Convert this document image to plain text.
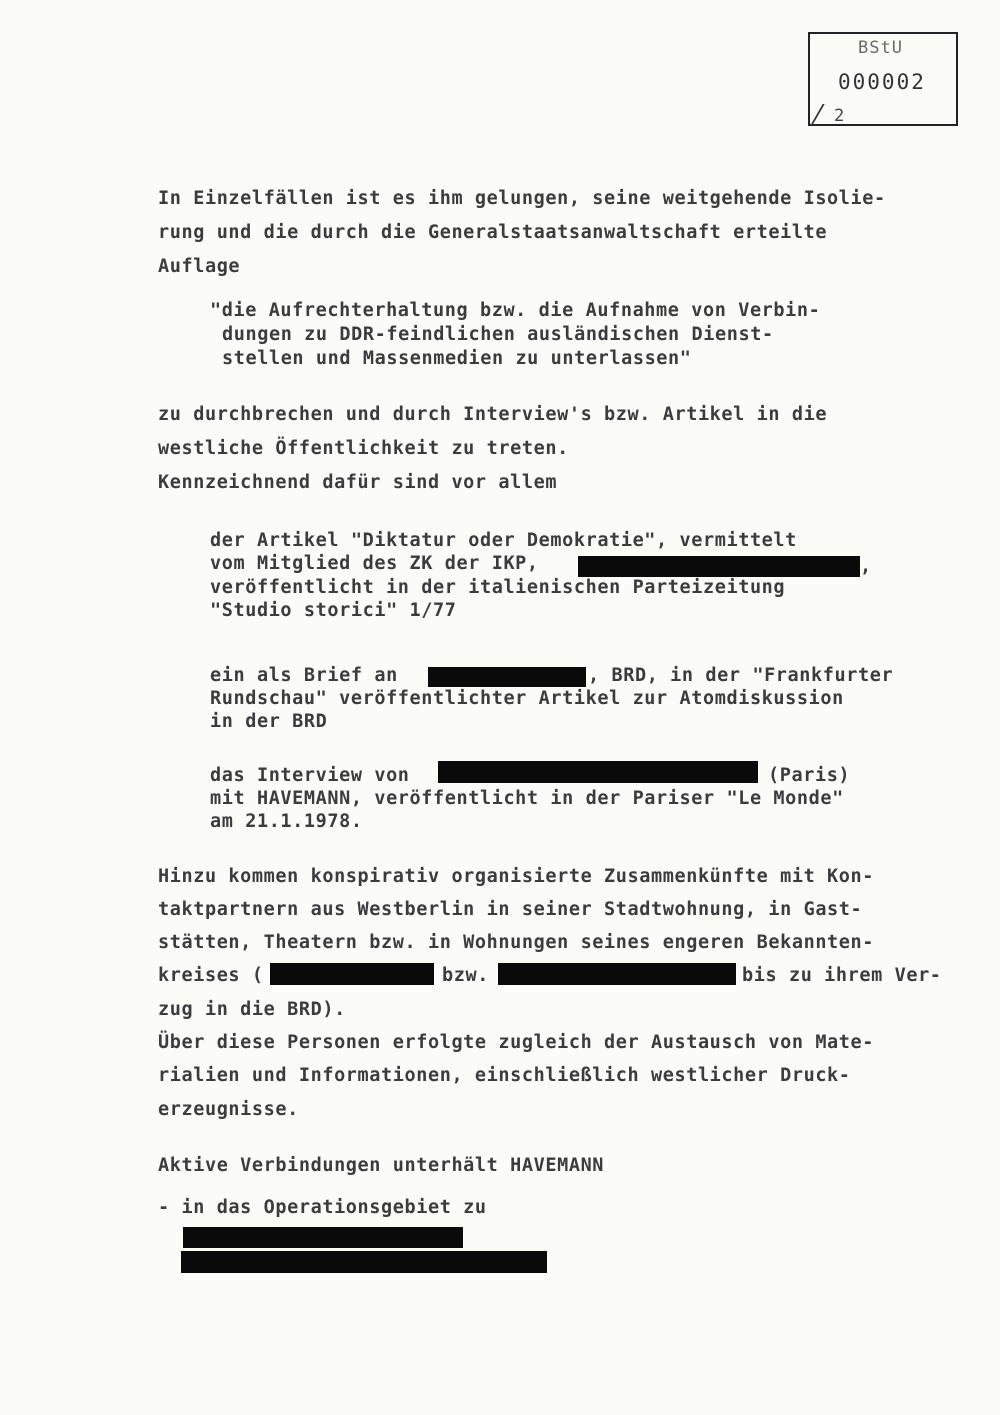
BStU
000002
2
In Einzelfällen ist es ihm gelungen, seine weitgehende Isolie-
rung und die durch die Generalstaatsanwaltschaft erteilte
Auflage
"die Aufrechterhaltung bzw. die Aufnahme von Verbin-
dungen zu DDR-feindlichen ausländischen Dienst-
stellen und Massenmedien zu unterlassen"
zu durchbrechen und durch Interview's bzw. Artikel in die
westliche Öffentlichkeit zu treten.
Kennzeichnend dafür sind vor allem
der Artikel "Diktatur oder Demokratie", vermittelt
vom Mitglied des ZK der IKP,	,
veröffentlicht in der italienischen Parteizeitung
"Studio storici" 1/77
ein als Brief an	, BRD, in der "Frankfurter
Rundschau" veröffentlichter Artikel zur Atomdiskussion
in der BRD
das Interview von	(Paris)
mit HAVEMANN, veröffentlicht in der Pariser "Le Monde"
am 21.1.1978.
Hinzu kommen konspirativ organisierte Zusammenkünfte mit Kon-
taktpartnern aus Westberlin in seiner Stadtwohnung, in Gast-
stätten, Theatern bzw. in Wohnungen seines engeren Bekannten-
kreises (	bzw.	bis zu ihrem Ver-
zug in die BRD).
Über diese Personen erfolgte zugleich der Austausch von Mate-
rialien und Informationen, einschließlich westlicher Druck-
erzeugnisse.
Aktive Verbindungen unterhält HAVEMANN
- in das Operationsgebiet zu
